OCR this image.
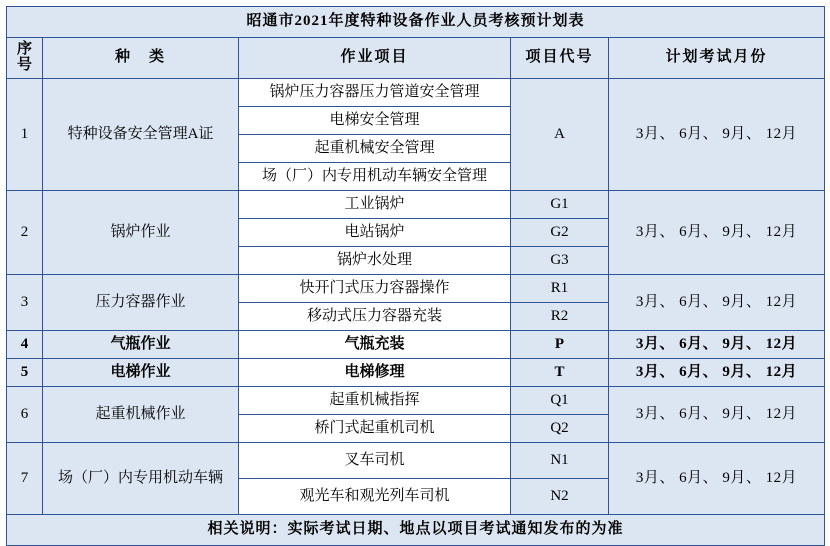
昭通市2021年度特种设备作业人员考核预计划表				

序
号	种　类	作业项目	项目代号	计划考试月份
1	特种设备安全管理A证	锅炉压力容器压力管道安全管理	A	3月、 6月、 9月、 12月
		电梯安全管理		
		起重机械安全管理		
		场（厂）内专用机动车辆安全管理		
2	锅炉作业	工业锅炉	G1	3月、 6月、 9月、 12月
		电站锅炉	G2	
		锅炉水处理	G3	
3	压力容器作业	快开门式压力容器操作	R1	3月、 6月、 9月、 12月
		移动式压力容器充装	R2	
4	气瓶作业	气瓶充装	P	3月、 6月、 9月、 12月
5	电梯作业	电梯修理	T	3月、 6月、 9月、 12月
6	起重机械作业	起重机械指挥	Q1	3月、 6月、 9月、 12月
		桥门式起重机司机	Q2	
7	场（厂）内专用机动车辆	叉车司机	N1	3月、 6月、 9月、 12月
		观光车和观光列车司机	N2	
相关说明：实际考试日期、地点以项目考试通知发布的为准				
